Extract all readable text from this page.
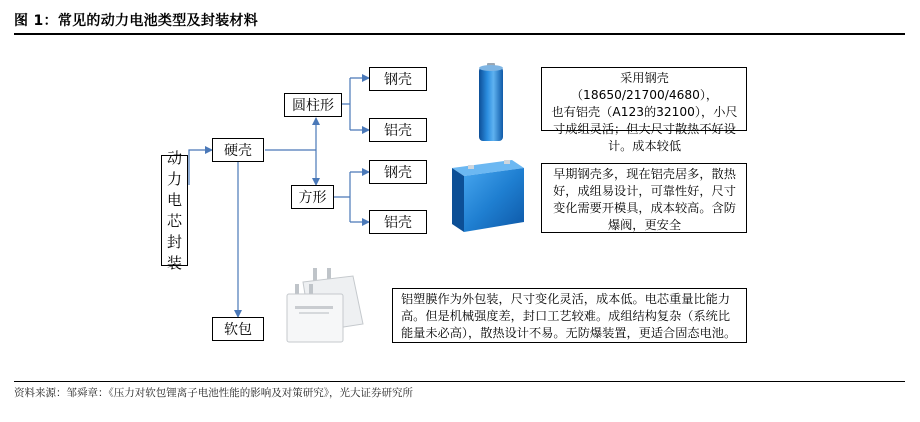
图 1：常见的动力电池类型及封装材料
动
力
电
芯
封
装
硬壳
软包
圆柱形
方形
钢壳
铝壳
钢壳
铝壳
采用钢壳（18650/21700/4680），
也有铝壳（A123的32100），小尺
寸成组灵活；但大尺寸散热不好设
计。成本较低
早期钢壳多，现在铝壳居多，散热
好，成组易设计，可靠性好，尺寸
变化需要开模具，成本较高。含防
爆阀，更安全
铝塑膜作为外包装，尺寸变化灵活，成本低。电芯重量比能力
高。但是机械强度差，封口工艺较难。成组结构复杂（系统比
能量未必高），散热设计不易。无防爆装置，更适合固态电池。
资料来源：邹舜章：《压力对软包锂离子电池性能的影响及对策研究》，光大证券研究所
